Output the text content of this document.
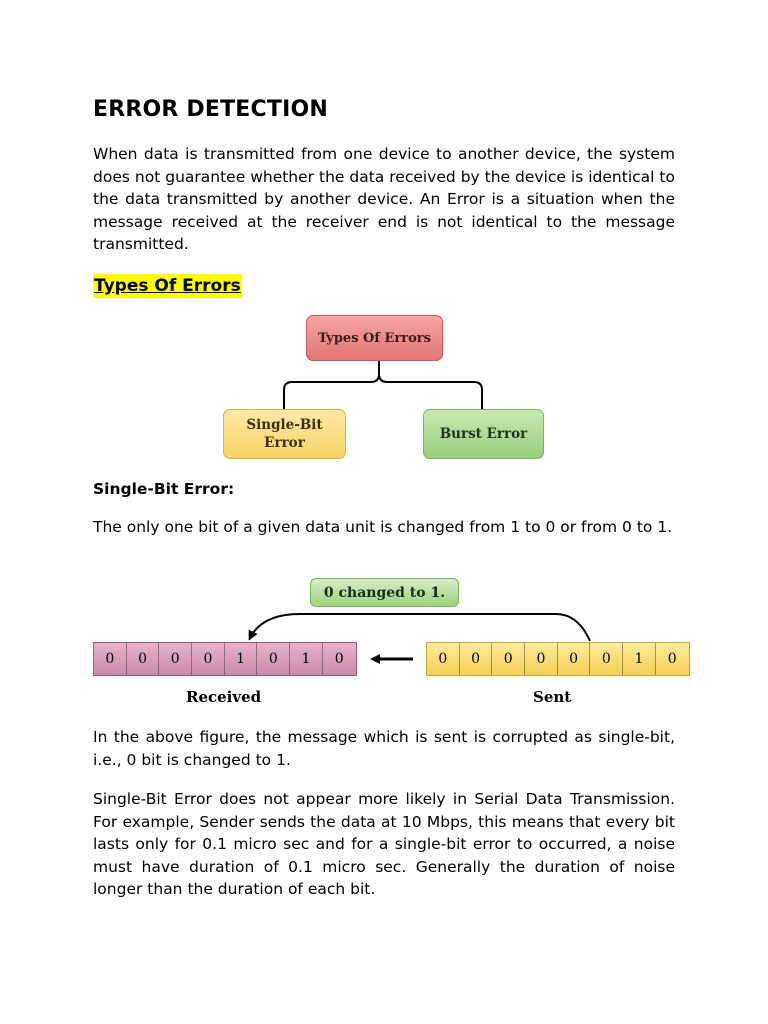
ERROR DETECTION

When data is transmitted from one device to another device, the system does not guarantee whether the data received by the device is identical to the data transmitted by another device. An Error is a situation when the message received at the receiver end is not identical to the message transmitted.

Types Of Errors
Types Of Errors
Single-Bit Error
Burst Error
Single-Bit Error:

The only one bit of a given data unit is changed from 1 to 0 or from 0 to 1.

0 changed to 1.
0	0	0	0	1	0	1	0	0	0	0	0	0	0	1	0

Received	Sent

In the above figure, the message which is sent is corrupted as single-bit, i.e., 0 bit is changed to 1.

Single-Bit Error does not appear more likely in Serial Data Transmission. For example, Sender sends the data at 10 Mbps, this means that every bit lasts only for 0.1 micro sec and for a single-bit error to occurred, a noise must have duration of 0.1 micro sec. Generally the duration of noise longer than the duration of each bit.
